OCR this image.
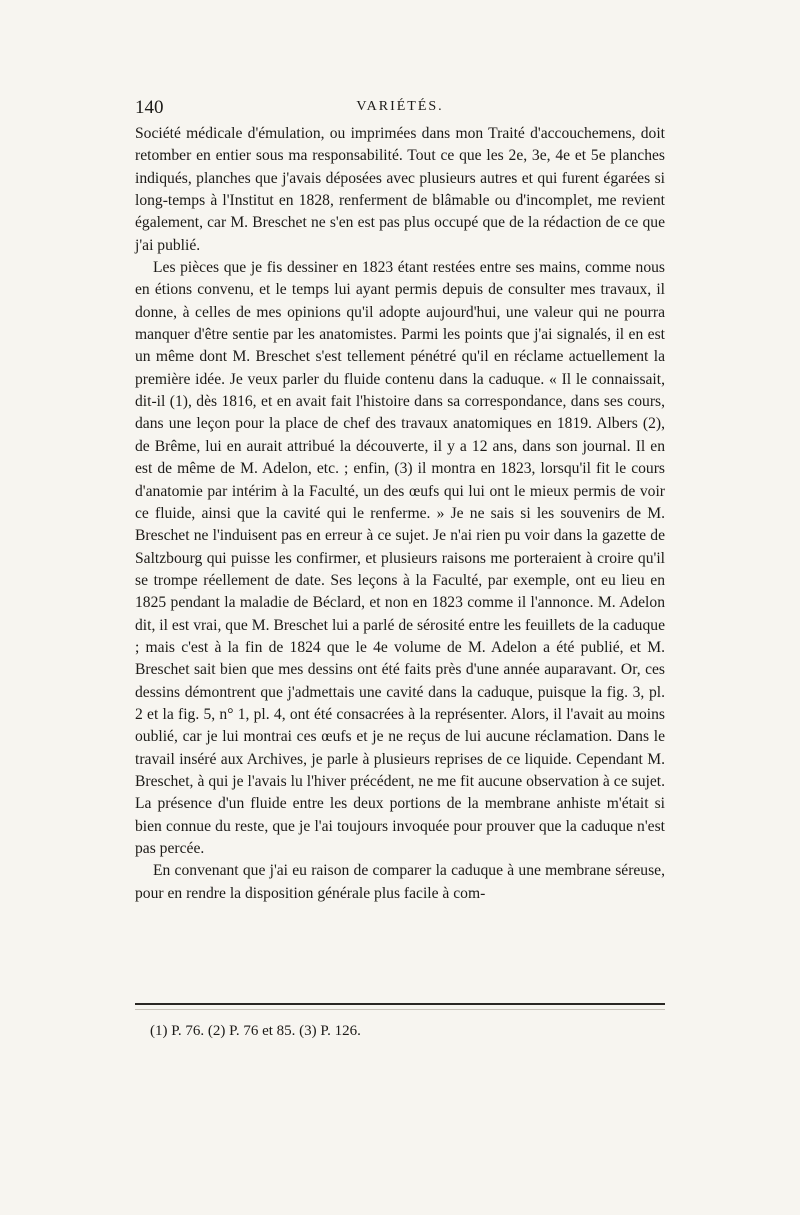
140	VARIÉTÉS.

Société médicale d'émulation, ou imprimées dans mon Traité d'accouchemens, doit retomber en entier sous ma responsabilité. Tout ce que les 2e, 3e, 4e et 5e planches indiqués, planches que j'avais déposées avec plusieurs autres et qui furent égarées si long-temps à l'Institut en 1828, renferment de blâmable ou d'incomplet, me revient également, car M. Breschet ne s'en est pas plus occupé que de la rédaction de ce que j'ai publié.

Les pièces que je fis dessiner en 1823 étant restées entre ses mains, comme nous en étions convenu, et le temps lui ayant permis depuis de consulter mes travaux, il donne, à celles de mes opinions qu'il adopte aujourd'hui, une valeur qui ne pourra manquer d'être sentie par les anatomistes. Parmi les points que j'ai signalés, il en est un même dont M. Breschet s'est tellement pénétré qu'il en réclame actuellement la première idée. Je veux parler du fluide contenu dans la caduque. « Il le connaissait, dit-il (1), dès 1816, et en avait fait l'histoire dans sa correspondance, dans ses cours, dans une leçon pour la place de chef des travaux anatomiques en 1819. Albers (2), de Brême, lui en aurait attribué la découverte, il y a 12 ans, dans son journal. Il en est de même de M. Adelon, etc. ; enfin, (3) il montra en 1823, lorsqu'il fit le cours d'anatomie par intérim à la Faculté, un des œufs qui lui ont le mieux permis de voir ce fluide, ainsi que la cavité qui le renferme. » Je ne sais si les souvenirs de M. Breschet ne l'induisent pas en erreur à ce sujet. Je n'ai rien pu voir dans la gazette de Saltzbourg qui puisse les confirmer, et plusieurs raisons me porteraient à croire qu'il se trompe réellement de date. Ses leçons à la Faculté, par exemple, ont eu lieu en 1825 pendant la maladie de Béclard, et non en 1823 comme il l'annonce. M. Adelon dit, il est vrai, que M. Breschet lui a parlé de sérosité entre les feuillets de la caduque ; mais c'est à la fin de 1824 que le 4e volume de M. Adelon a été publié, et M. Breschet sait bien que mes dessins ont été faits près d'une année auparavant. Or, ces dessins démontrent que j'admettais une cavité dans la caduque, puisque la fig. 3, pl. 2 et la fig. 5, n° 1, pl. 4, ont été consacrées à la représenter. Alors, il l'avait au moins oublié, car je lui montrai ces œufs et je ne reçus de lui aucune réclamation. Dans le travail inséré aux Archives, je parle à plusieurs reprises de ce liquide. Cependant M. Breschet, à qui je l'avais lu l'hiver précédent, ne me fit aucune observation à ce sujet. La présence d'un fluide entre les deux portions de la membrane anhiste m'était si bien connue du reste, que je l'ai toujours invoquée pour prouver que la caduque n'est pas percée.

En convenant que j'ai eu raison de comparer la caduque à une membrane séreuse, pour en rendre la disposition générale plus facile à com-

(1) P. 76. (2) P. 76 et 85. (3) P. 126.
